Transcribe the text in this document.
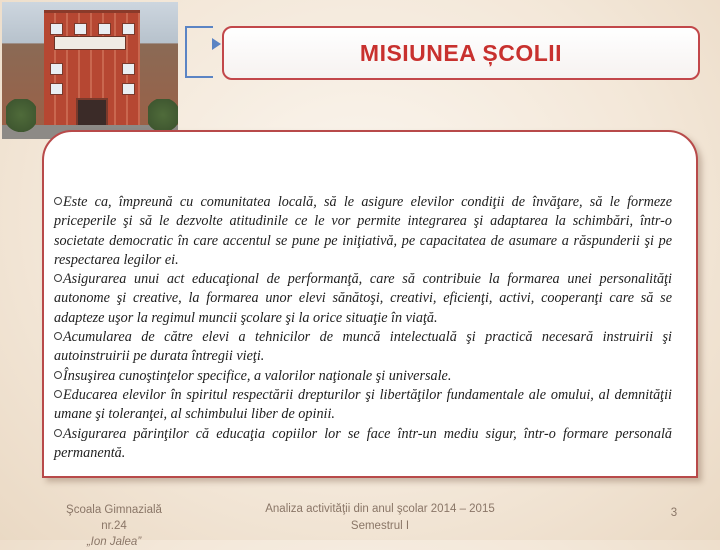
MISIUNEA ȘCOLII
Este ca, împreună cu comunitatea locală, să le asigure elevilor condiţii de învăţare, să le formeze priceperile şi să le dezvolte atitudinile ce le vor permite integrarea şi adaptarea la schimbări, într-o societate democratic în care accentul se pune pe iniţiativă, pe capacitatea de asumare a răspunderii şi pe respectarea legilor ei.
Asigurarea unui act educaţional de performanţă, care să contribuie la formarea unei personalităţi autonome şi creative, la formarea unor elevi sănătoşi, creativi, eficienţi, activi, cooperanţi care să se adapteze uşor la regimul muncii şcolare şi la orice situaţie în viaţă.
Acumularea de către elevi a tehnicilor de muncă intelectuală şi practică necesară instruirii şi autoinstruirii pe durata întregii vieţi.
Însuşirea cunoştinţelor specifice, a valorilor naţionale şi universale.
Educarea elevilor în spiritul respectării drepturilor şi libertăţilor fundamentale ale omului, al demnităţii umane şi toleranţei, al schimbului liber de opinii.
Asigurarea părinţilor că educaţia copiilor lor se face într-un mediu sigur, într-o formare personală permanentă.
Şcoala Gimnazială nr.24
„Ion Jalea”
Analiza activităţii din anul şcolar 2014 – 2015
Semestrul I
3
